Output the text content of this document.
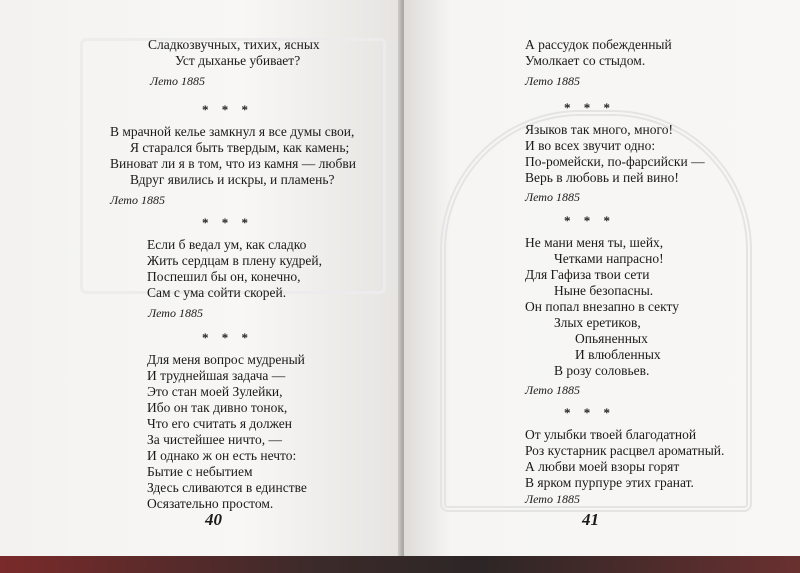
Сладкозвучных, тихих, ясных
Уст дыханье убивает?
Лето 1885
* * *
В мрачной келье замкнул я все думы свои,
Я старался быть твердым, как камень;
Виноват ли я в том, что из камня — любви
Вдруг явились и искры, и пламень?
Лето 1885
* * *
Если б ведал ум, как сладко
Жить сердцам в плену кудрей,
Поспешил бы он, конечно,
Сам с ума сойти скорей.
Лето 1885
* * *
Для меня вопрос мудреный
И труднейшая задача —
Это стан моей Зулейки,
Ибо он так дивно тонок,
Что его считать я должен
За чистейшее ничто, —
И однако ж он есть нечто:
Бытие с небытием
Здесь сливаются в единстве
Осязательно простом.
40
А рассудок побежденный
Умолкает со стыдом.
Лето 1885
* * *
Языков так много, много!
И во всех звучит одно:
По-ромейски, по-фарсийски —
Верь в любовь и пей вино!
Лето 1885
* * *
Не мани меня ты, шейх,
Четками напрасно!
Для Гафиза твои сети
Ныне безопасны.
Он попал внезапно в секту
Злых еретиков,
Опьяненных
И влюбленных
В розу соловьев.
Лето 1885
* * *
От улыбки твоей благодатной
Роз кустарник расцвел ароматный.
А любви моей взоры горят
В ярком пурпуре этих гранат.
Лето 1885
41
